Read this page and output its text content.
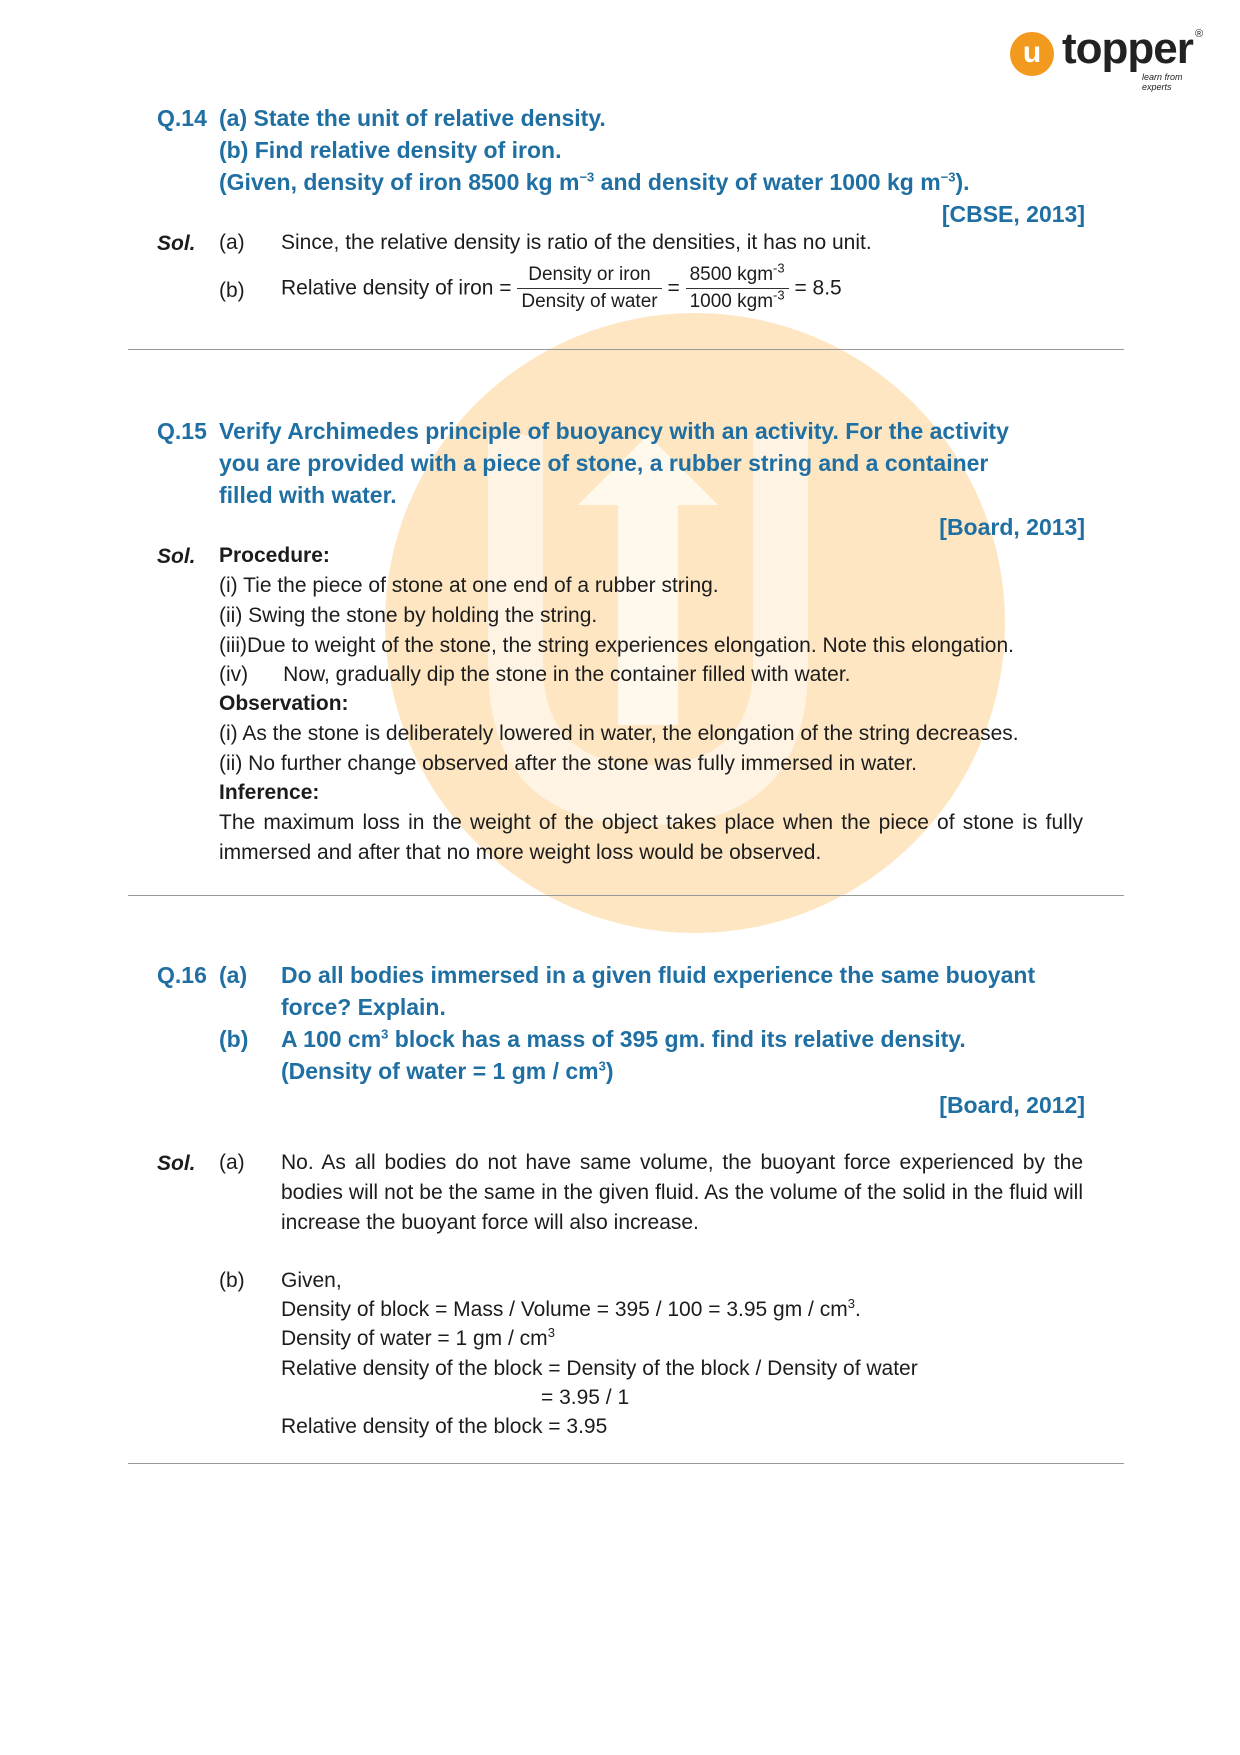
u topper ®
learn from experts
Q.14 (a) State the unit of relative density.
(b) Find relative density of iron.
(Given, density of iron 8500 kg $m^{-3}$ and density of water 1000 kg $m^{-3}$).
[CBSE, 2013]
Sol. (a) Since, the relative density is ratio of the densities, it has no unit.
(b) Relative density of iron = $\frac{\text{Density or iron}}{\text{Density of water}} = \frac{8500 kgm^{-3}}{1000 kgm^{-3}} = 8.5$
Q.15 Verify Archimedes principle of buoyancy with an activity. For the activity
you are provided with a piece of stone, a rubber string and a container
filled with water.
[Board, 2013]
Sol. Procedure:
(i) Tie the piece of stone at one end of a rubber string.
(ii) Swing the stone by holding the string.
(iii)Due to weight of the stone, the string experiences elongation. Note this elongation.
(iv)      Now, gradually dip the stone in the container filled with water.
Observation:
(i) As the stone is deliberately lowered in water, the elongation of the string decreases.
(ii) No further change observed after the stone was fully immersed in water.
Inference:
The maximum loss in the weight of the object takes place when the piece of stone is fully immersed and after that no more weight loss would be observed.
Q.16 (a) Do all bodies immersed in a given fluid experience the same buoyant force? Explain.
(b) A 100 $cm^3$ block has a mass of 395 gm. find its relative density.
(Density of water = 1 gm / $cm^3$)
[Board, 2012]
Sol. (a) No. As all bodies do not have same volume, the buoyant force experienced by the bodies will not be the same in the given fluid. As the volume of the solid in the fluid will increase the buoyant force will also increase.
(b) Given,
Density of block = Mass / Volume = 395 / 100 = 3.95 gm / $cm^3$.
Density of water = 1 gm / $cm^3$
Relative density of the block = Density of the block / Density of water
= 3.95 / 1
Relative density of the block = 3.95
